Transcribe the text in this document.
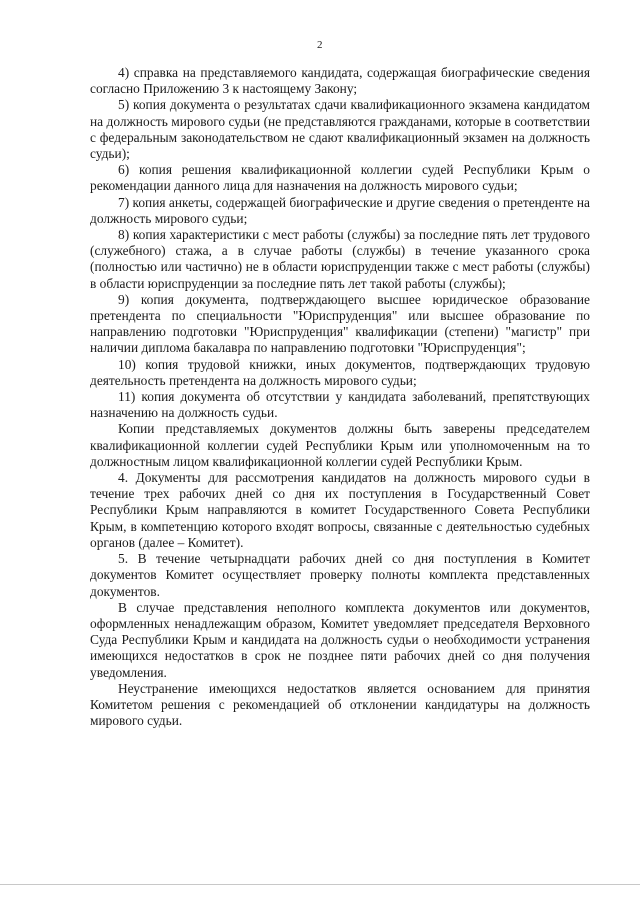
2

4) справка на представляемого кандидата, содержащая биографические сведения согласно Приложению 3 к настоящему Закону;

5) копия документа о результатах сдачи квалификационного экзамена кандидатом на должность мирового судьи (не представляются гражданами, которые в соответствии с федеральным законодательством не сдают квалификационный экзамен на должность судьи);

6) копия решения квалификационной коллегии судей Республики Крым о рекомендации данного лица для назначения на должность мирового судьи;

7) копия анкеты, содержащей биографические и другие сведения о претенденте на должность мирового судьи;

8) копия характеристики с мест работы (службы) за последние пять лет трудового (служебного) стажа, а в случае работы (службы) в течение указанного срока (полностью или частично) не в области юриспруденции также с мест работы (службы) в области юриспруденции за последние пять лет такой работы (службы);

9) копия документа, подтверждающего высшее юридическое образование претендента по специальности "Юриспруденция" или высшее образование по направлению подготовки "Юриспруденция" квалификации (степени) "магистр" при наличии диплома бакалавра по направлению подготовки "Юриспруденция";

10) копия трудовой книжки, иных документов, подтверждающих трудовую деятельность претендента на должность мирового судьи;

11) копия документа об отсутствии у кандидата заболеваний, препятствующих назначению на должность судьи.

Копии представляемых документов должны быть заверены председателем квалификационной коллегии судей Республики Крым или уполномоченным на то должностным лицом квалификационной коллегии судей Республики Крым.

4. Документы для рассмотрения кандидатов на должность мирового судьи в течение трех рабочих дней со дня их поступления в Государственный Совет Республики Крым направляются в комитет Государственного Совета Республики Крым, в компетенцию которого входят вопросы, связанные с деятельностью судебных органов (далее – Комитет).

5. В течение четырнадцати рабочих дней со дня поступления в Комитет документов Комитет осуществляет проверку полноты комплекта представленных документов.

В случае представления неполного комплекта документов или документов, оформленных ненадлежащим образом, Комитет уведомляет председателя Верховного Суда Республики Крым и кандидата на должность судьи о необходимости устранения имеющихся недостатков в срок не позднее пяти рабочих дней со дня получения уведомления.

Неустранение имеющихся недостатков является основанием для принятия Комитетом решения с рекомендацией об отклонении кандидатуры на должность мирового судьи.
